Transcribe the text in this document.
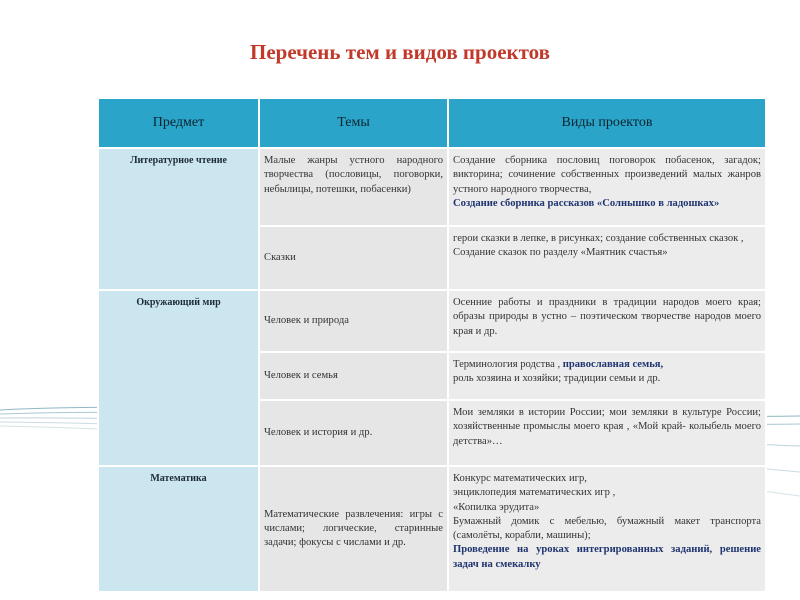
Перечень тем и видов проектов
Предмет	Темы	Виды проектов
Литературное чтение	Малые жанры устного народного творчества (пословицы, поговорки, небылицы, потешки, побасенки)	Создание сборника пословиц поговорок побасенок, загадок; викторина; сочинение собственных произведений малых жанров устного народного творчества,
Создание сборника рассказов «Солнышко в ладошках»

	Сказки	герои сказки в лепке, в рисунках; создание собственных сказок ,
Создание сказок по разделу «Маятник счастья»

Окружающий мир	Человек и природа	Осенние работы и праздники в традиции народов моего края; образы природы в устно – поэтическом творчестве народов моего края и др.

	Человек и семья	Терминология родства , православная семья,
роль хозяина и хозяйки; традиции семьи и др.

	Человек и история и др.	Мои земляки в истории России; мои земляки в культуре России; хозяйственные промыслы моего края , «Мой край- колыбель моего детства»…

Математика	Математические развлечения: игры с числами; логические, старинные задачи; фокусы с числами и др.	Конкурс математических игр,
энциклопедия математических игр ,
«Копилка эрудита»
Бумажный домик с мебелью, бумажный макет транспорта (самолёты, корабли, машины);
Проведение на уроках интегрированных заданий, решение задач на смекалку
